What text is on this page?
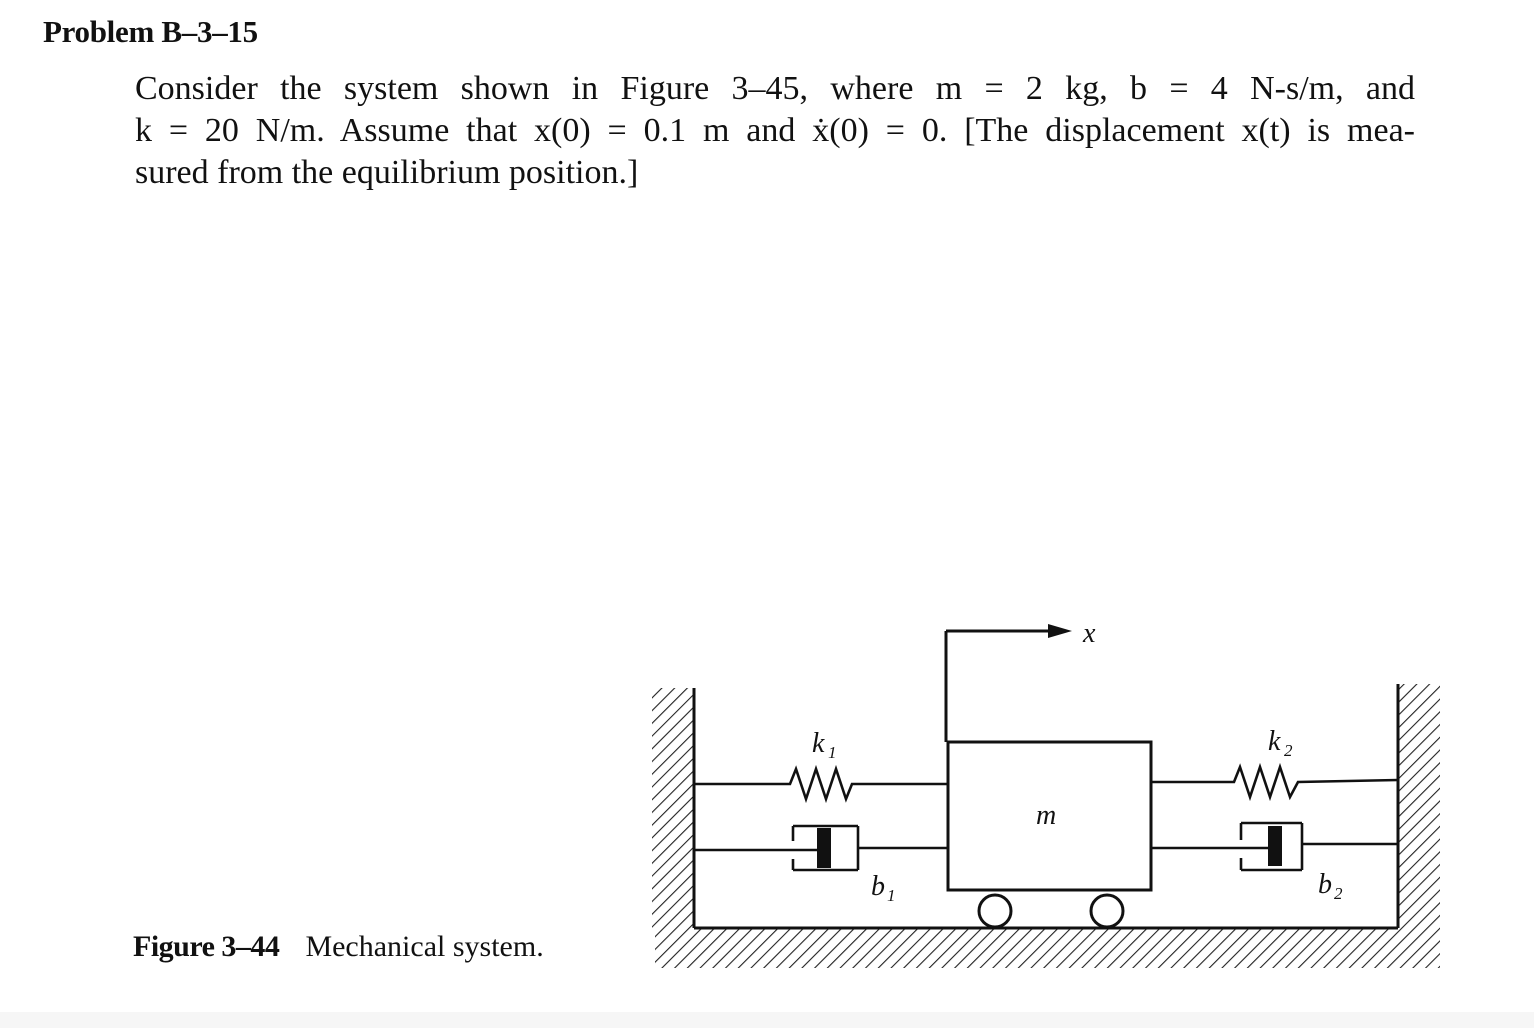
Problem B–3–15
Consider the system shown in Figure 3–45, where m = 2 kg, b = 4 N-s/m, and
k = 20 N/m. Assume that x(0) = 0.1 m and ẋ(0) = 0. [The displacement x(t) is mea-
sured from the equilibrium position.]
x
m
k 1	k 2
b 1	b 2
Figure 3–44 Mechanical system.
